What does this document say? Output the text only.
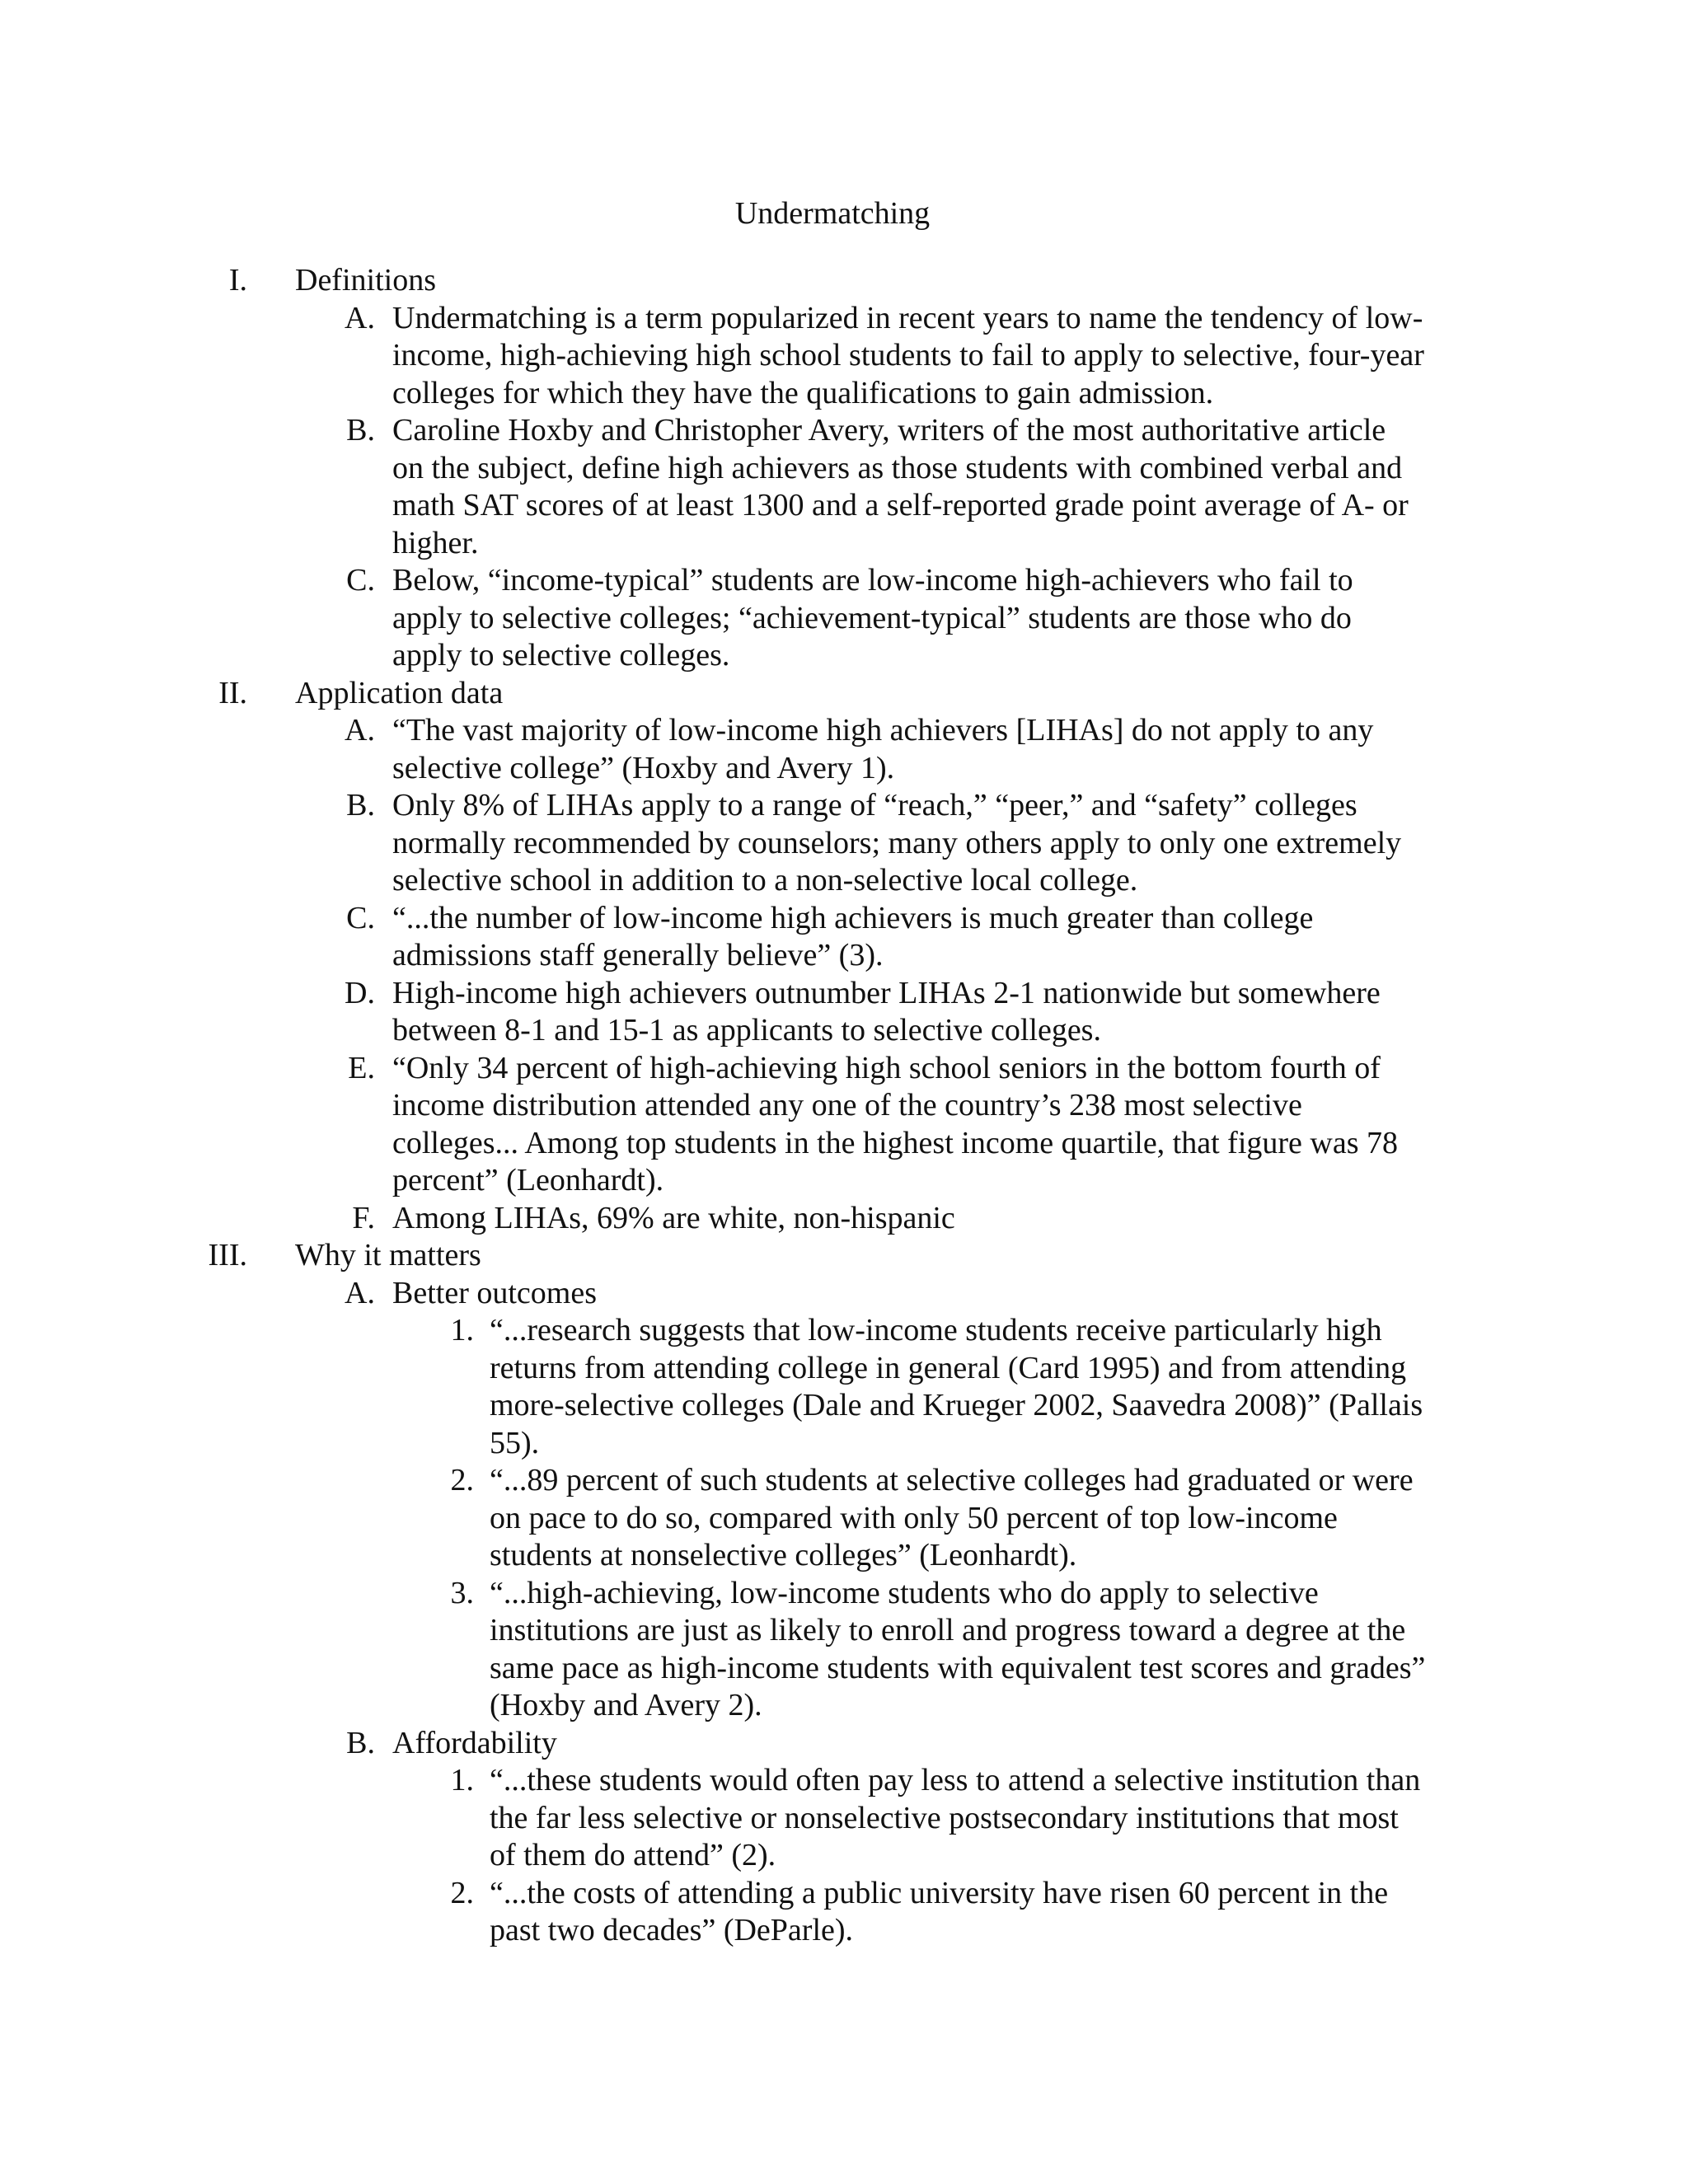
Undermatching
I. Definitions
A. Undermatching is a term popularized in recent years to name the tendency of low-
income, high-achieving high school students to fail to apply to selective, four-year
colleges for which they have the qualifications to gain admission.
B. Caroline Hoxby and Christopher Avery, writers of the most authoritative article
on the subject, define high achievers as those students with combined verbal and
math SAT scores of at least 1300 and a self-reported grade point average of A- or
higher.
C. Below, “income-typical” students are low-income high-achievers who fail to
apply to selective colleges; “achievement-typical” students are those who do
apply to selective colleges.
II. Application data
A. “The vast majority of low-income high achievers [LIHAs] do not apply to any
selective college” (Hoxby and Avery 1).
B. Only 8% of LIHAs apply to a range of “reach,” “peer,” and “safety” colleges
normally recommended by counselors; many others apply to only one extremely
selective school in addition to a non-selective local college.
C. “...the number of low-income high achievers is much greater than college
admissions staff generally believe” (3).
D. High-income high achievers outnumber LIHAs 2-1 nationwide but somewhere
between 8-1 and 15-1 as applicants to selective colleges.
E. “Only 34 percent of high-achieving high school seniors in the bottom fourth of
income distribution attended any one of the country’s 238 most selective
colleges... Among top students in the highest income quartile, that figure was 78
percent” (Leonhardt).
F. Among LIHAs, 69% are white, non-hispanic
III. Why it matters
A. Better outcomes
1. “...research suggests that low-income students receive particularly high
returns from attending college in general (Card 1995) and from attending
more-selective colleges (Dale and Krueger 2002, Saavedra 2008)” (Pallais
55).
2. “...89 percent of such students at selective colleges had graduated or were
on pace to do so, compared with only 50 percent of top low-income
students at nonselective colleges” (Leonhardt).
3. “...high-achieving, low-income students who do apply to selective
institutions are just as likely to enroll and progress toward a degree at the
same pace as high-income students with equivalent test scores and grades”
(Hoxby and Avery 2).
B. Affordability
1. “...these students would often pay less to attend a selective institution than
the far less selective or nonselective postsecondary institutions that most
of them do attend” (2).
2. “...the costs of attending a public university have risen 60 percent in the
past two decades” (DeParle).
